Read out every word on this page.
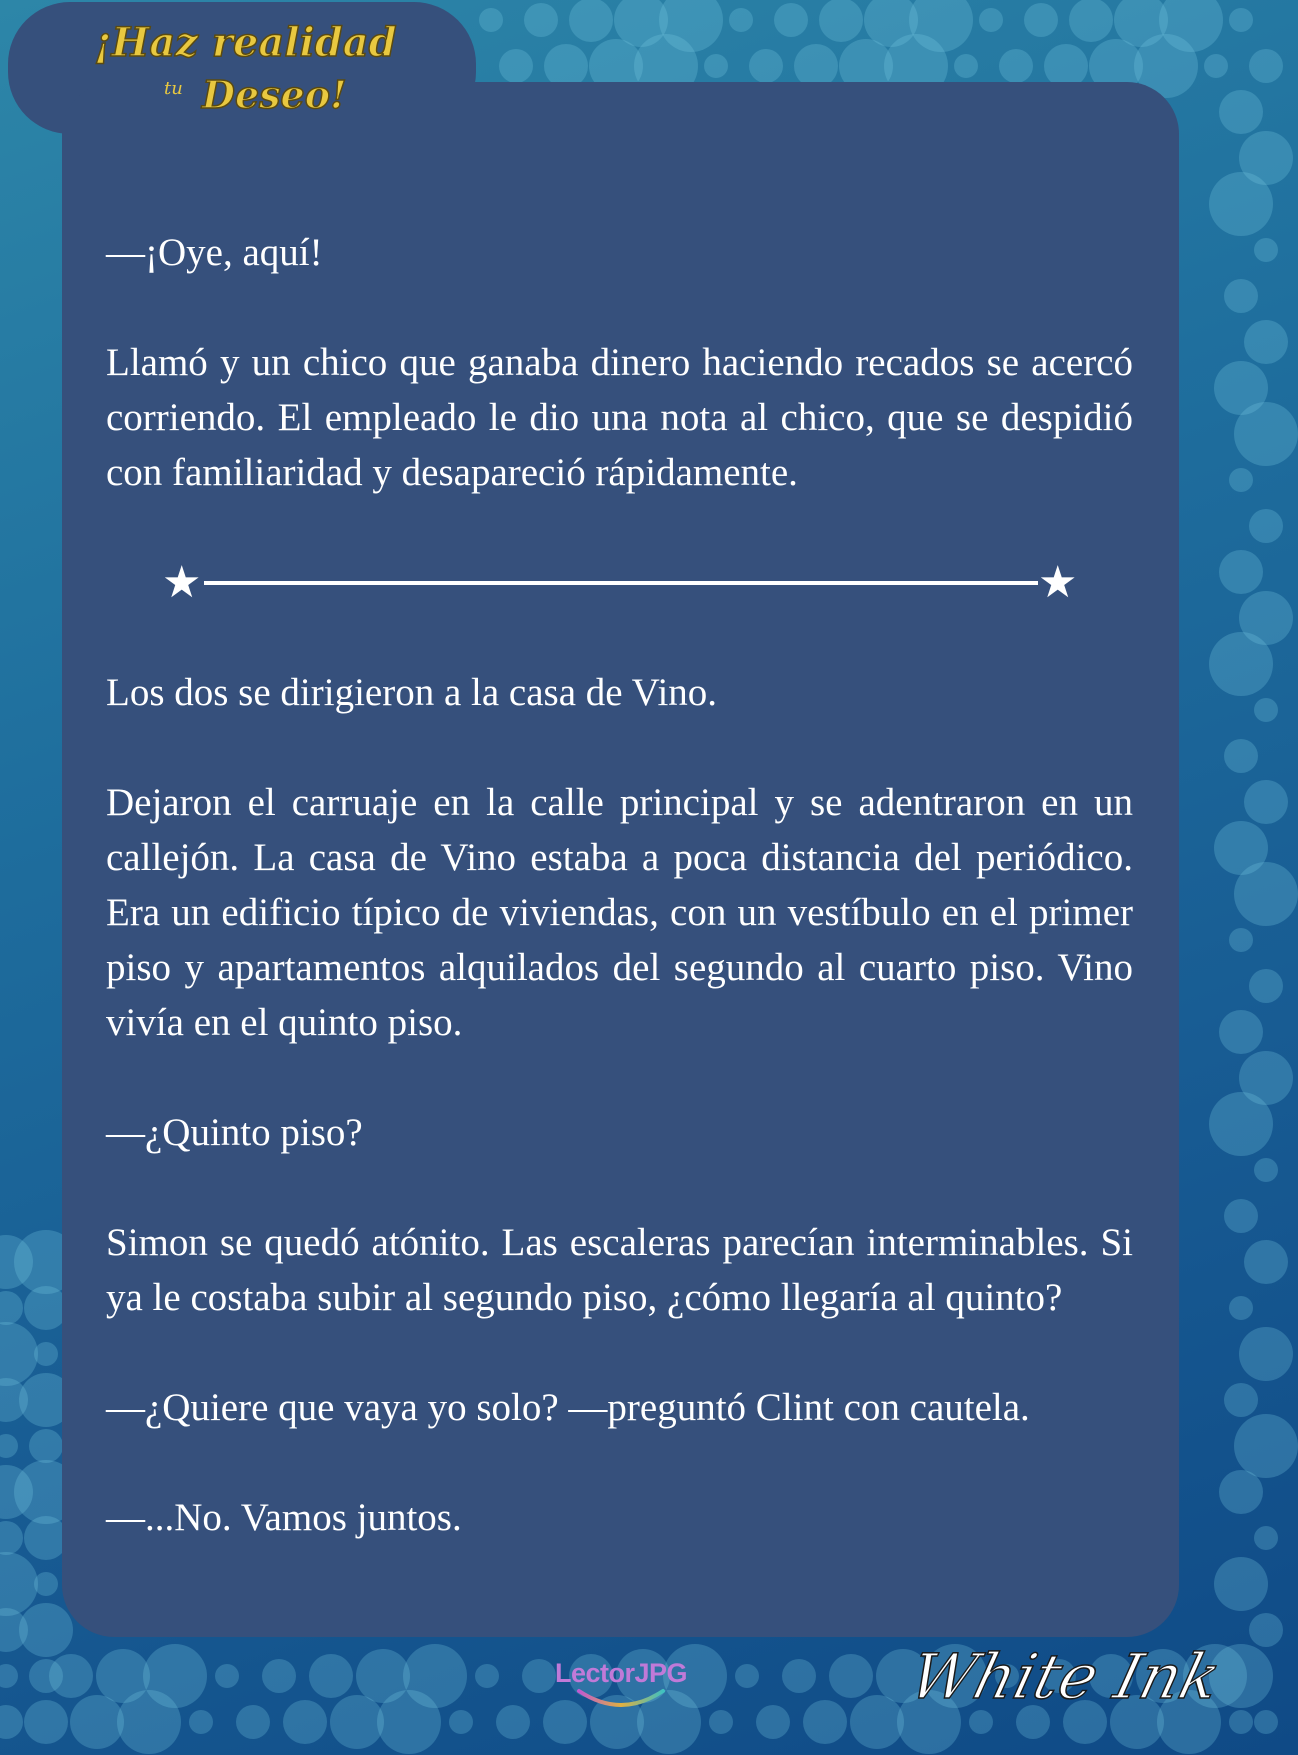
¡Haz realidad
tu Deseo!

—¡Oye, aquí!

Llamó y un chico que ganaba dinero haciendo recados se acercó corriendo. El empleado le dio una nota al chico, que se despidió con familiaridad y desapareció rápidamente.

★	★

Los dos se dirigieron a la casa de Vino.

Dejaron el carruaje en la calle principal y se adentraron en un callejón. La casa de Vino estaba a poca distancia del periódico. Era un edificio típico de viviendas, con un vestíbulo en el primer piso y apartamentos alquilados del segundo al cuarto piso. Vino vivía en el quinto piso.

—¿Quinto piso?

Simon se quedó atónito. Las escaleras parecían interminables. Si ya le costaba subir al segundo piso, ¿cómo llegaría al quinto?

—¿Quiere que vaya yo solo? —preguntó Clint con cautela.

—...No. Vamos juntos.

LectorJPG	White Ink
